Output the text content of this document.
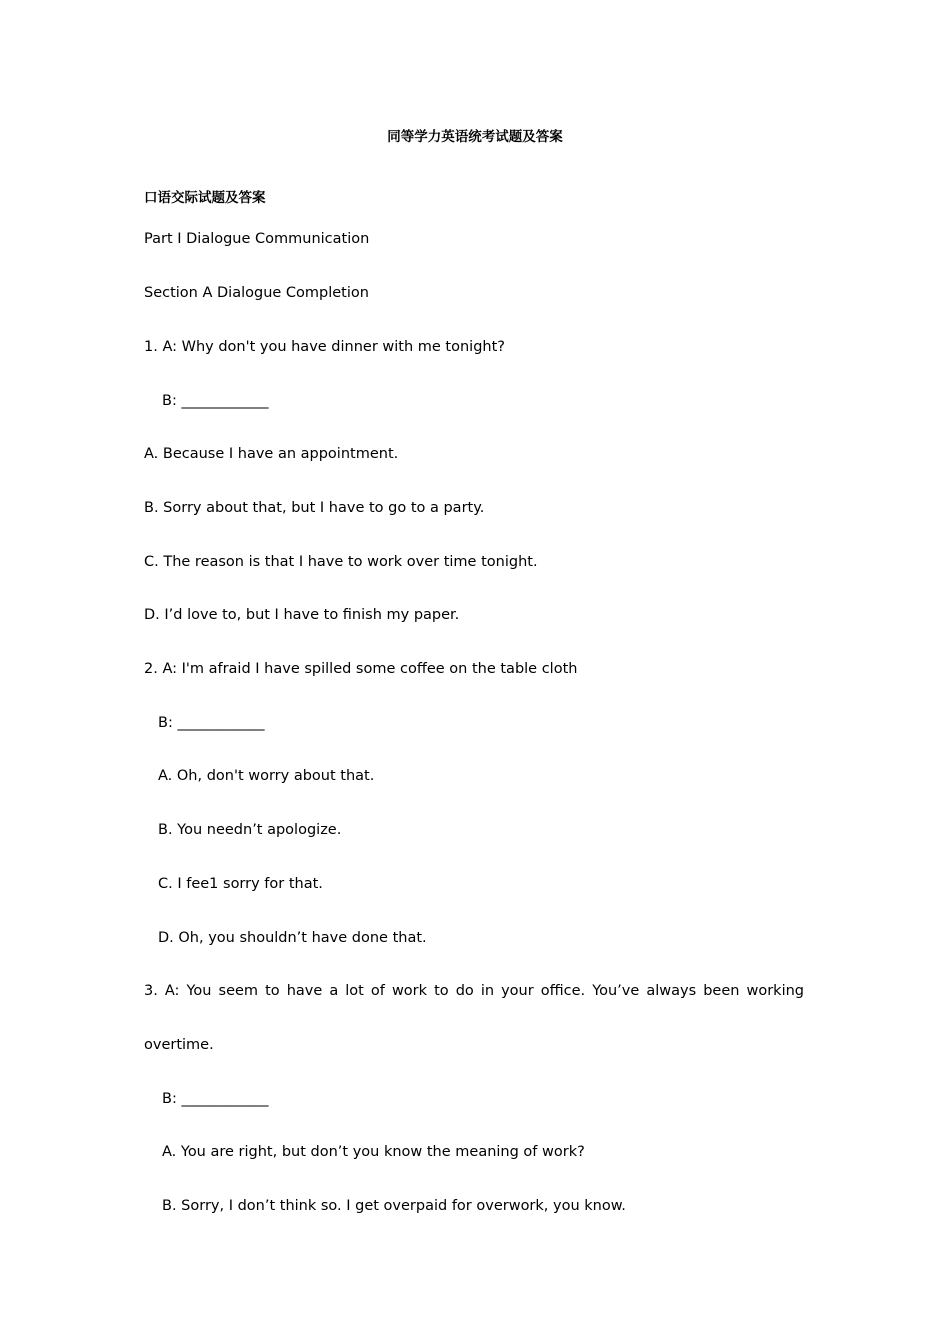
同等学力英语统考试题及答案
口语交际试题及答案
Part I Dialogue Communication
Section A Dialogue Completion
1. A: Why don't you have dinner with me tonight?
B: ____________
A. Because I have an appointment.
B. Sorry about that, but I have to go to a party.
C. The reason is that I have to work over time tonight.
D. I’d love to, but I have to finish my paper.
2. A: I'm afraid I have spilled some coffee on the table cloth
B: ____________
A. Oh, don't worry about that.
B. You needn’t apologize.
C. I fee1 sorry for that.
D. Oh, you shouldn’t have done that.
3. A: You seem to have a lot of work to do in your office. You’ve always been working
overtime.
B: ____________
A. You are right, but don’t you know the meaning of work?
B. Sorry, I don’t think so. I get overpaid for overwork, you know.
